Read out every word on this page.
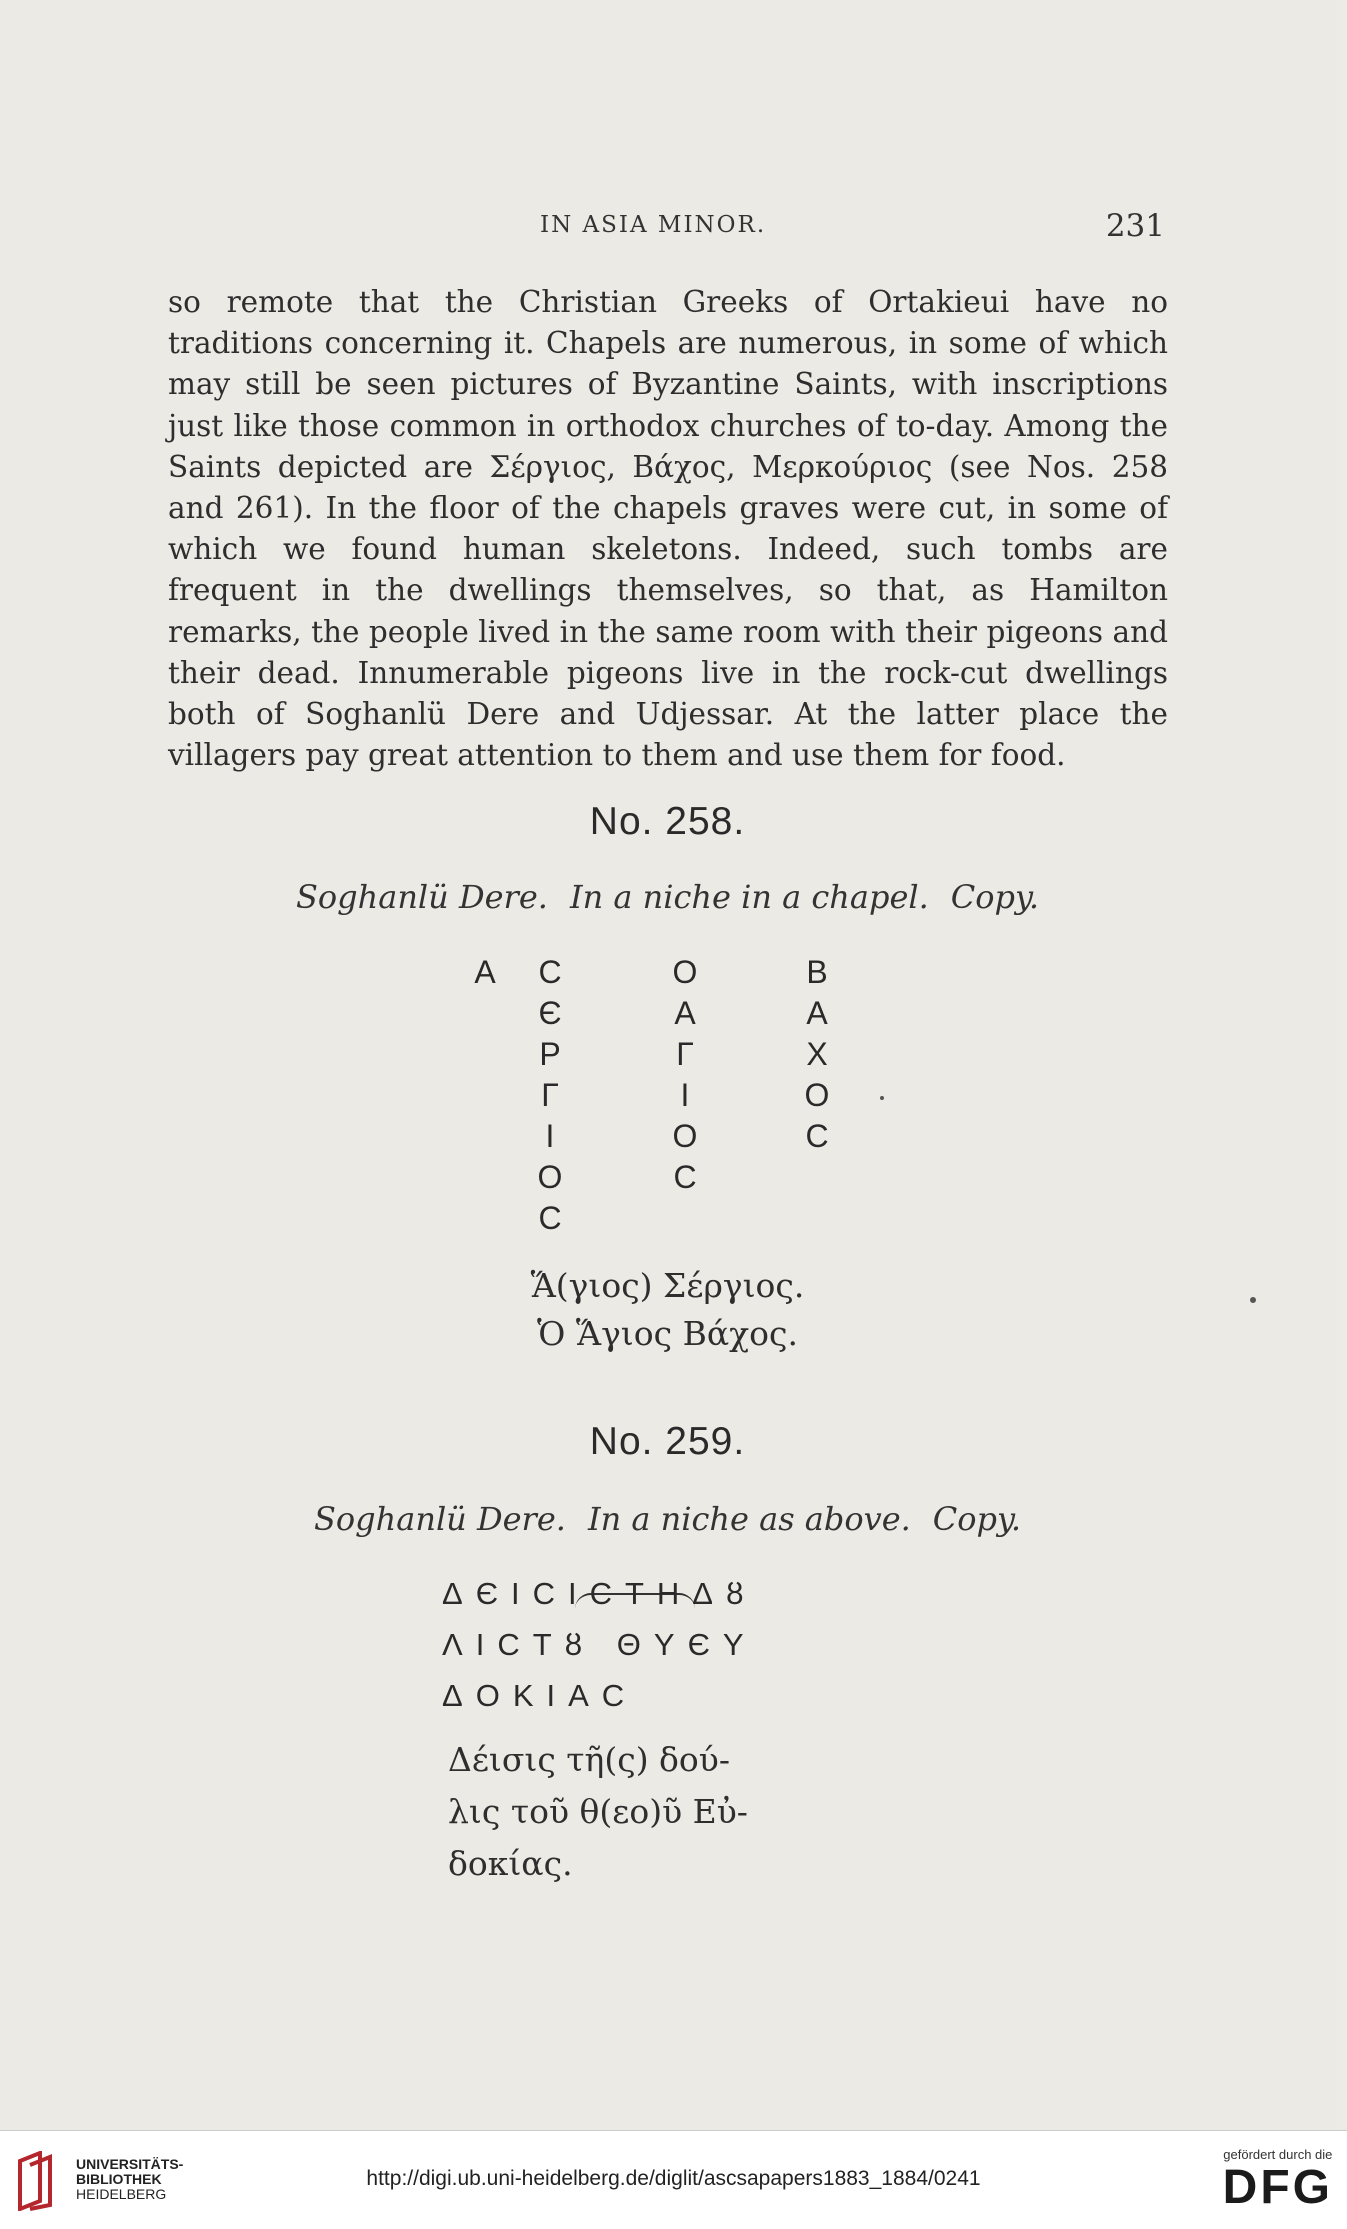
IN ASIA MINOR.	231
so remote that the Christian Greeks of Ortakieui have no traditions concerning it. Chapels are numerous, in some of which may still be seen pictures of Byzantine Saints, with inscriptions just like those common in orthodox churches of to-day. Among the Saints depicted are Σέργιος, Βάχος, Μερκούριος (see Nos. 258 and 261). In the floor of the chapels graves were cut, in some of which we found human skeletons. Indeed, such tombs are frequent in the dwellings themselves, so that, as Hamilton remarks, the people lived in the same room with their pigeons and their dead. Innumerable pigeons live in the rock-cut dwellings both of Soghanlü Dere and Udjessar. At the latter place the villagers pay great attention to them and use them for food.
No. 258.
Soghanlü Dere. In a niche in a chapel. Copy.
A C
Є
P
Γ
I
O
C
O
A
Γ
I
O
C
B
A
X
O
C
Ἅ(γιος) Σέργιος.
Ὁ Ἅγιος Βάχος.
No. 259.
Soghanlü Dere. In a niche as above. Copy.
ΔЄICICTHΔȣ
ΛICTȣ ΘYЄY
ΔOKIAC
Δέισις τῆ(ς) δού-
λις τοῦ θ(εο)ῦ Εὐ-
δοκίας.
UNIVERSITÄTS-
BIBLIOTHEK
HEIDELBERG
http://digi.ub.uni-heidelberg.de/diglit/ascsapapers1883_1884/0241
gefördert durch die
DFG
